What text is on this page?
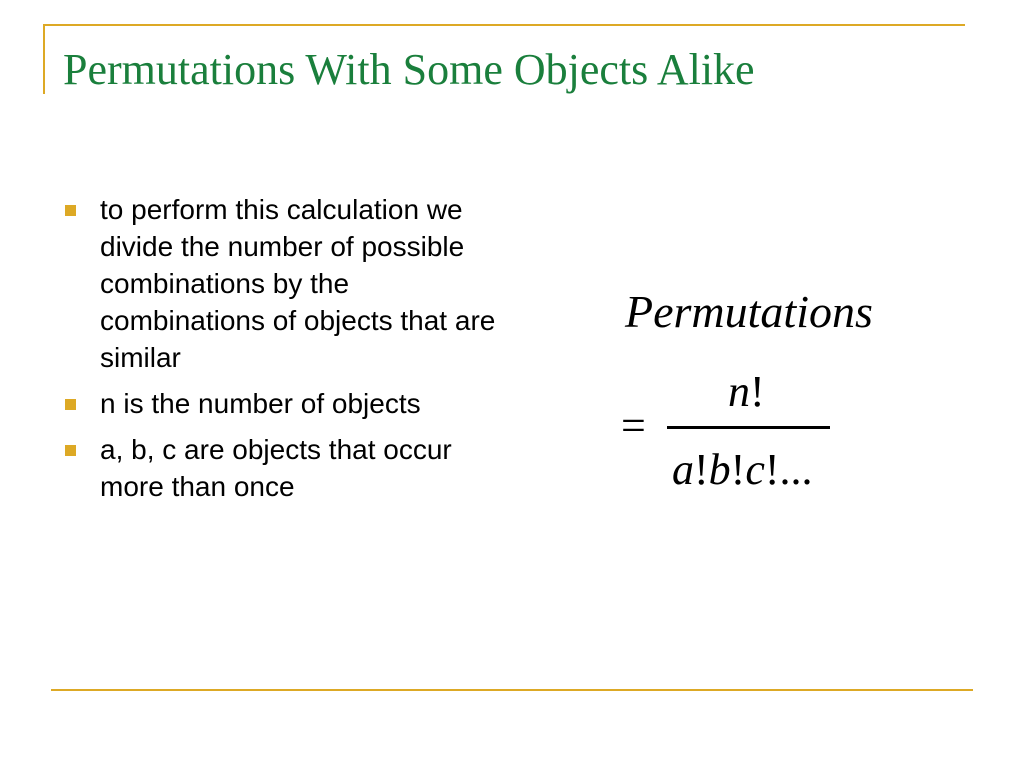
Permutations With Some Objects Alike
to perform this calculation we divide the number of possible combinations by the combinations of objects that are similar
n is the number of objects
a, b, c are objects that occur more than once
Permutations
=
n!
a!b!c!...
